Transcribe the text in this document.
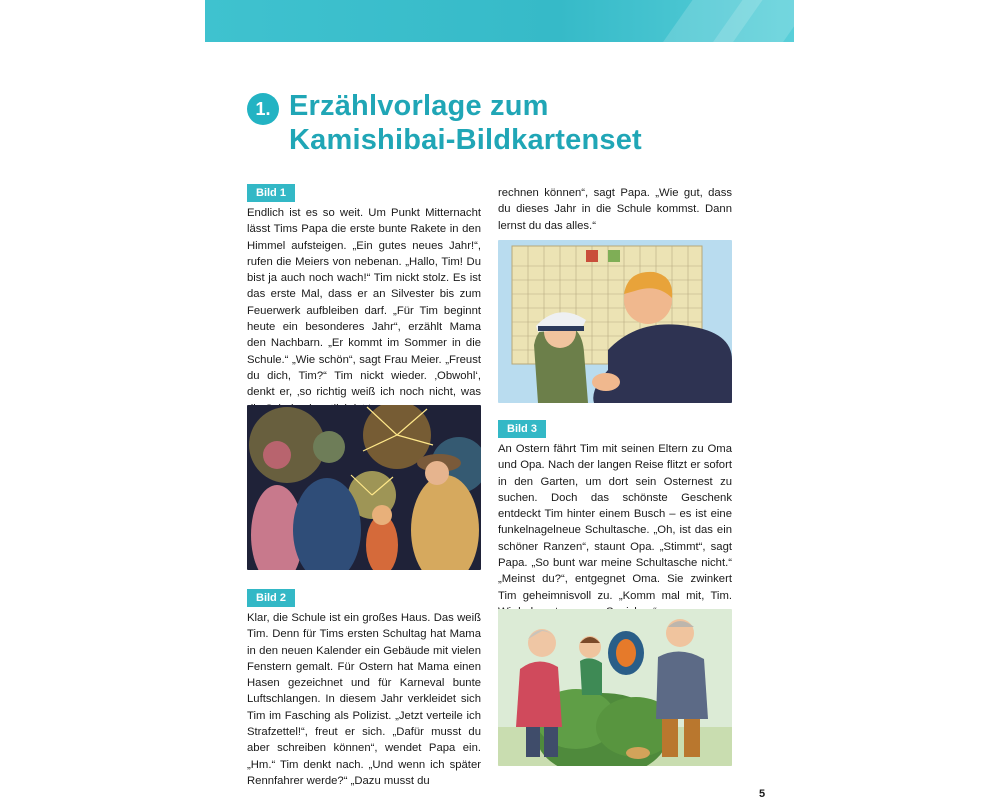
1. Erzählvorlage zum
Kamishibai-Bildkartenset
Bild 1

Endlich ist es so weit. Um Punkt Mitternacht lässt Tims Papa die erste bunte Rakete in den Himmel aufsteigen. „Ein gutes neues Jahr!“, rufen die Meiers von nebenan. „Hallo, Tim! Du bist ja auch noch wach!“ Tim nickt stolz. Es ist das erste Mal, dass er an Silvester bis zum Feuerwerk aufbleiben darf. „Für Tim beginnt heute ein besonderes Jahr“, erzählt Mama den Nachbarn. „Er kommt im Sommer in die Schule.“ „Wie schön“, sagt Frau Meier. „Freust du dich, Tim?“ Tim nickt wieder. ‚Obwohl‘, denkt er, ‚so richtig weiß ich noch nicht, was

Bild 2

Klar, die Schule ist ein großes Haus. Das weiß Tim. Denn für Tims ersten Schultag hat Mama in den neuen Kalender ein Gebäude mit vielen Fenstern gemalt. Für Ostern hat Mama einen Hasen gezeichnet und für Karneval bunte Luftschlangen. In diesem Jahr verkleidet sich Tim im Fasching als Polizist. „Jetzt verteile ich Strafzettel!“, freut er sich. „Dafür musst du aber schreiben können“, wendet Papa ein. „Hm.“ Tim denkt nach. „Und wenn ich später Rennfahrer werde?“ „Dazu musst du

rechnen können“, sagt Papa. „Wie gut, dass du dieses Jahr in die Schule kommst. Dann lernst du das alles.“

Bild 3

An Ostern fährt Tim mit seinen Eltern zu Oma und Opa. Nach der langen Reise flitzt er sofort in den Garten, um dort sein Osternest zu suchen. Doch das schönste Geschenk entdeckt Tim hinter einem Busch – es ist eine funkelnagelneue Schultasche. „Oh, ist das ein schöner Ranzen“, staunt Opa. „Stimmt“, sagt Papa. „So bunt war meine Schultasche nicht.“ „Meinst du?“, entgegnet Oma. Sie zwinkert Tim geheimnisvoll zu. „Komm mal mit, Tim.

5
